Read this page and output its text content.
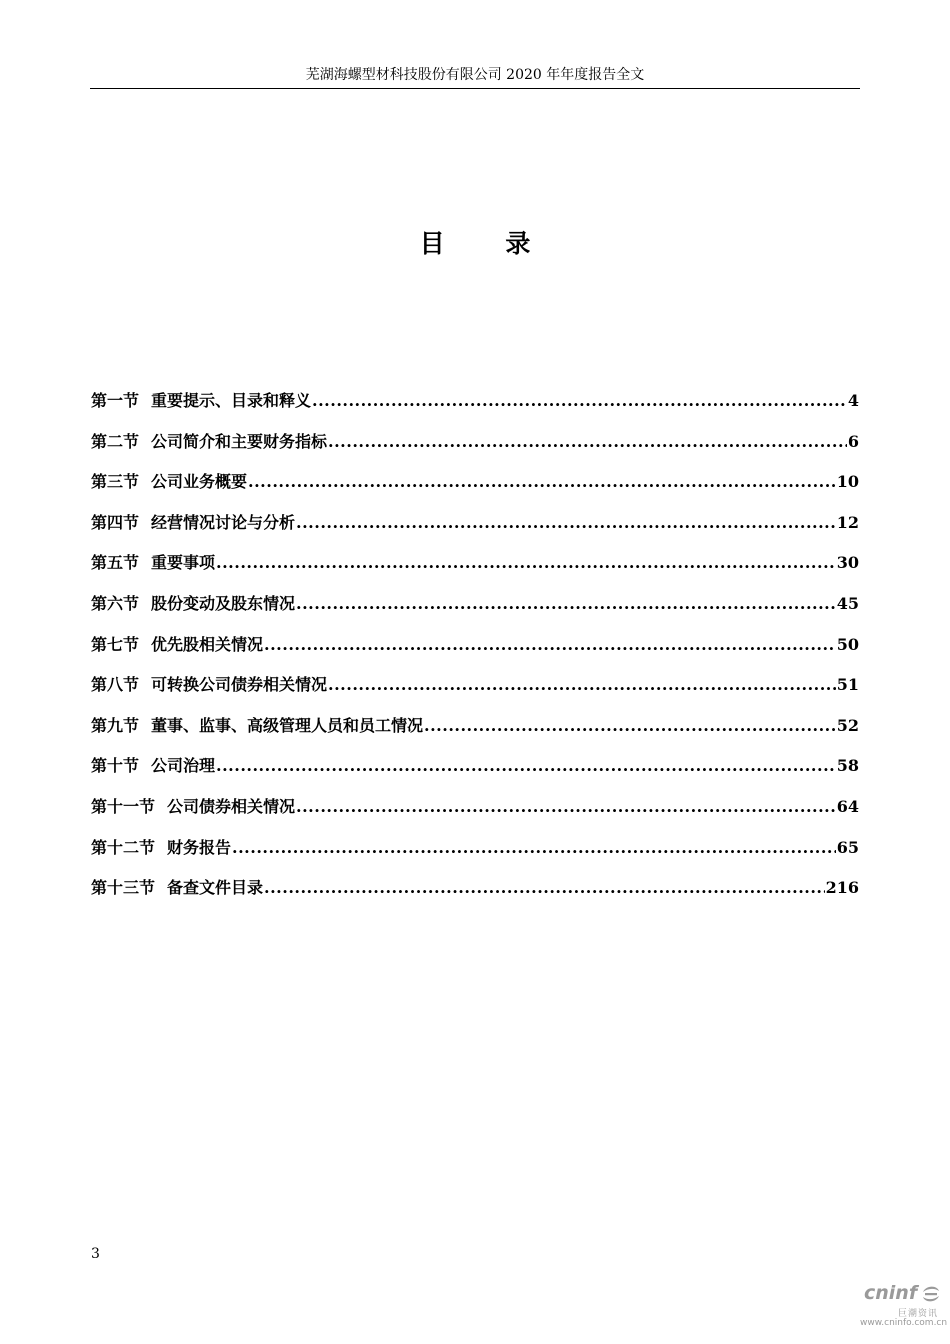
芜湖海螺型材科技股份有限公司 2020 年年度报告全文
目 录
第一节 重要提示、目录和释义 .....	4
第二节 公司简介和主要财务指标 .....	6
第三节 公司业务概要 .....	10
第四节 经营情况讨论与分析 .....	12
第五节 重要事项 .....	30
第六节 股份变动及股东情况 .....	45
第七节 优先股相关情况 .....	50
第八节 可转换公司债券相关情况 .....	51
第九节 董事、监事、高级管理人员和员工情况 .....	52
第十节 公司治理 .....	58
第十一节 公司债券相关情况 .....	64
第十二节 财务报告 .....	65
第十三节 备查文件目录 .....	216
3
cninf
巨潮资讯
www.cninfo.com.cn
